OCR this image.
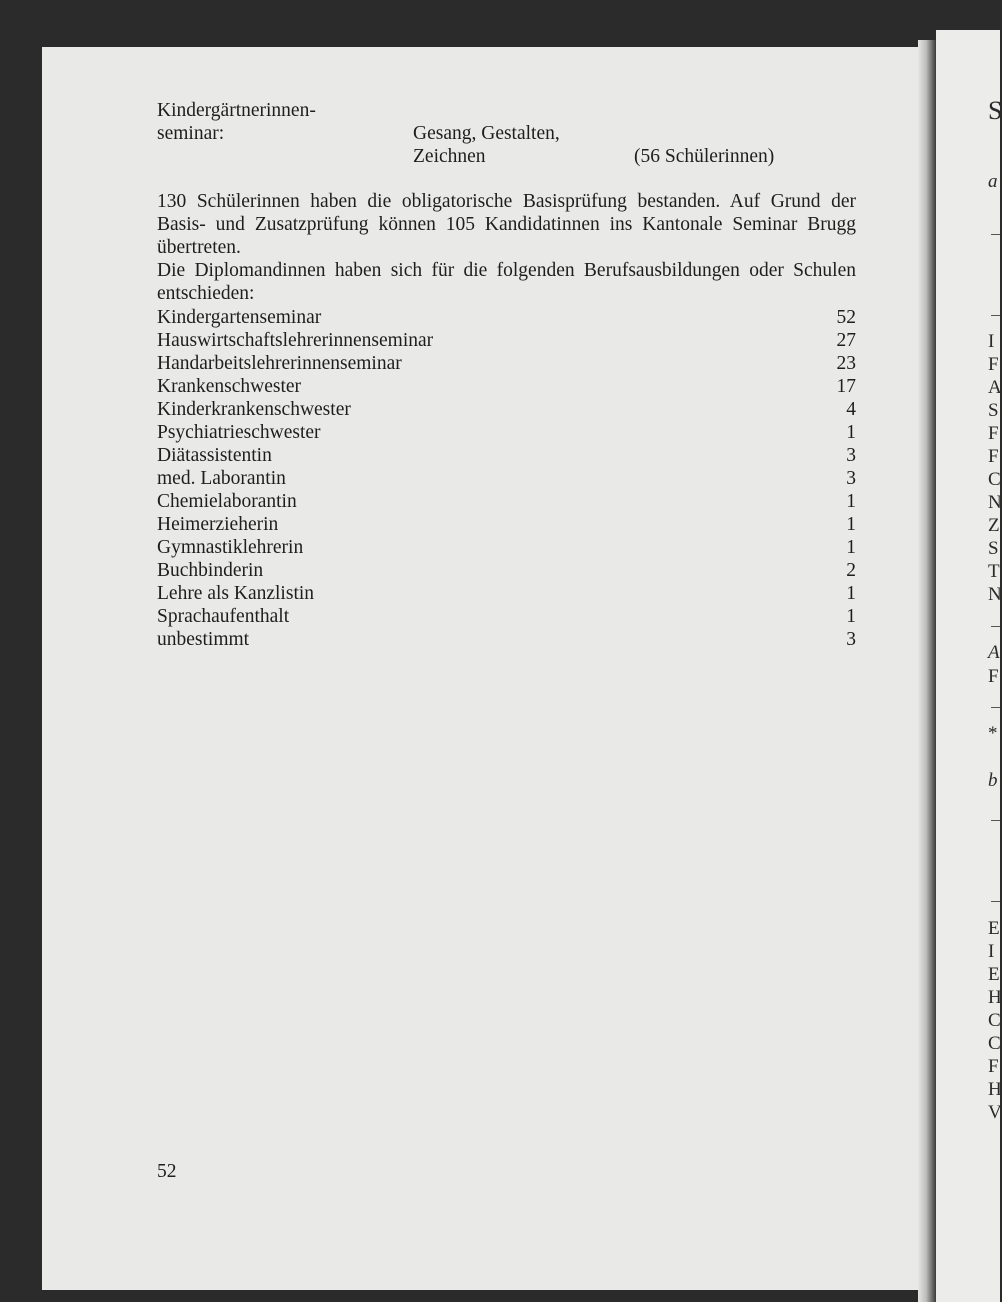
S
a
I
F
A
S
F
F
C
N
Z
S
T
N
A
F
*
b
E
I
E
H
C
C
F
H
V
Kindergärtnerinnen-
seminar:	Gesang, Gestalten,
Zeichnen	(56 Schülerinnen)
130 Schülerinnen haben die obligatorische Basisprüfung bestanden. Auf Grund der Basis- und Zusatzprüfung können 105 Kandidatinnen ins Kantonale Seminar Brugg übertreten.
Die Diplomandinnen haben sich für die folgenden Berufsausbildungen oder Schulen entschieden:
Kindergartenseminar	52
Hauswirtschaftslehrerinnenseminar	27
Handarbeitslehrerinnenseminar	23
Krankenschwester	17
Kinderkrankenschwester	4
Psychiatrieschwester	1
Diätassistentin	3
med. Laborantin	3
Chemielaborantin	1
Heimerzieherin	1
Gymnastiklehrerin	1
Buchbinderin	2
Lehre als Kanzlistin	1
Sprachaufenthalt	1
unbestimmt	3
52
